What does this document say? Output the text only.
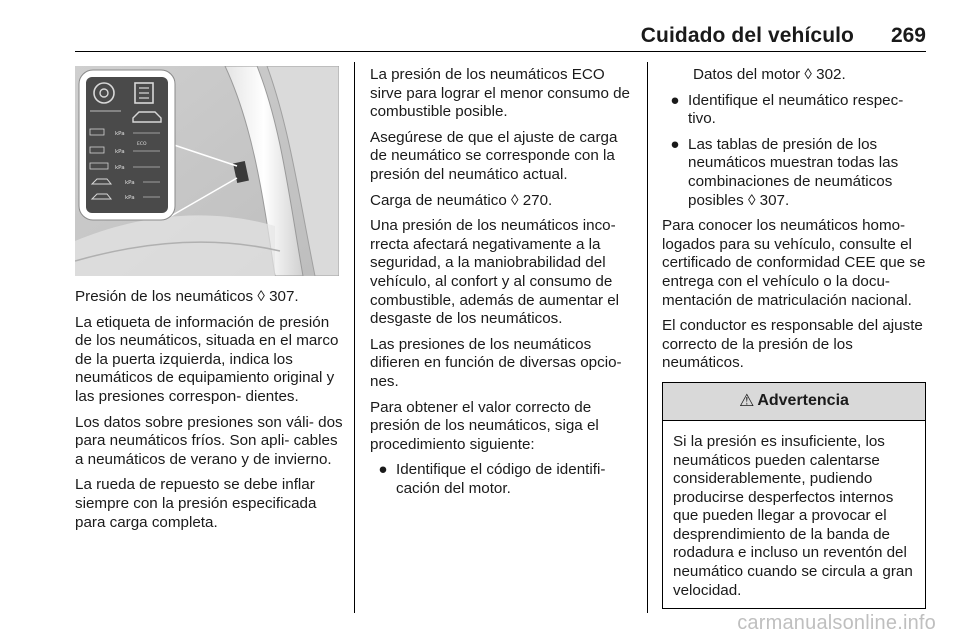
Cuidado del vehículo	269
kPa
ECO
kPa
kPa
kPa
kPa

Presión de los neumáticos ◊ 307.

La etiqueta de información de presión de los neumáticos, situada en el marco de la puerta izquierda, indica los neumáticos de equipamiento original y las presiones correspon‐ dientes.

Los datos sobre presiones son váli‐ dos para neumáticos fríos. Son apli‐ cables a neumáticos de verano y de invierno.

La rueda de repuesto se debe inflar siempre con la presión especificada para carga completa.

La presión de los neumáticos ECO sirve para lograr el menor consumo de combustible posible.

Asegúrese de que el ajuste de carga de neumático se corresponde con la presión del neumático actual.

Carga de neumático ◊ 270.

Una presión de los neumáticos inco‐ rrecta afectará negativamente a la seguridad, a la maniobrabilidad del vehículo, al confort y al consumo de combustible, además de aumentar el desgaste de los neumáticos.

Las presiones de los neumáticos difieren en función de diversas opcio‐ nes.

Para obtener el valor correcto de presión de los neumáticos, siga el procedimiento siguiente:

● Identifique el código de identifi‐ cación del motor.

Datos del motor ◊ 302.

● Identifique el neumático respec‐ tivo.
● Las tablas de presión de los neumáticos muestran todas las combinaciones de neumáticos posibles ◊ 307.

Para conocer los neumáticos homo‐ logados para su vehículo, consulte el certificado de conformidad CEE que se entrega con el vehículo o la docu‐ mentación de matriculación nacional.

El conductor es responsable del ajuste correcto de la presión de los neumáticos.

⚠ Advertencia
Si la presión es insuficiente, los neumáticos pueden calentarse considerablemente, pudiendo producirse desperfectos internos que pueden llegar a provocar el desprendimiento de la banda de rodadura e incluso un reventón del neumático cuando se circula a gran velocidad.
carmanualsonline.info
